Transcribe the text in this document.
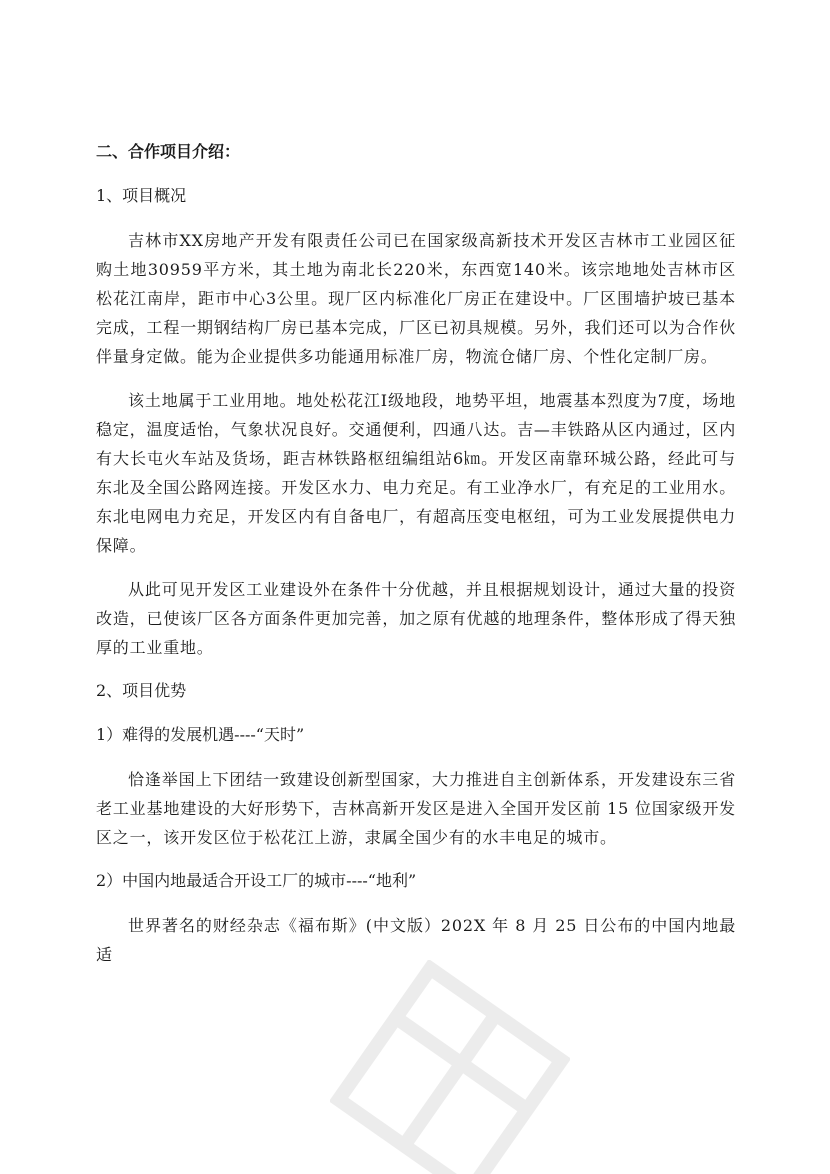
二、合作项目介绍：
1、项目概况

吉林市XX房地产开发有限责任公司已在国家级高新技术开发区吉林市工业园区征购土地30959平方米，其土地为南北长220米，东西宽140米。该宗地地处吉林市区松花江南岸，距市中心3公里。现厂区内标准化厂房正在建设中。厂区围墙护坡已基本完成，工程一期钢结构厂房已基本完成，厂区已初具规模。另外，我们还可以为合作伙伴量身定做。能为企业提供多功能通用标准厂房，物流仓储厂房、个性化定制厂房。

该土地属于工业用地。地处松花江Ⅰ级地段，地势平坦，地震基本烈度为7度，场地稳定，温度适怡，气象状况良好。交通便利，四通八达。吉—丰铁路从区内通过，区内有大长屯火车站及货场，距吉林铁路枢纽编组站6㎞。开发区南靠环城公路，经此可与东北及全国公路网连接。开发区水力、电力充足。有工业净水厂，有充足的工业用水。东北电网电力充足，开发区内有自备电厂，有超高压变电枢纽，可为工业发展提供电力保障。

从此可见开发区工业建设外在条件十分优越，并且根据规划设计，通过大量的投资改造，已使该厂区各方面条件更加完善，加之原有优越的地理条件，整体形成了得天独厚的工业重地。

2、项目优势
1）难得的发展机遇----“天时”

恰逢举国上下团结一致建设创新型国家，大力推进自主创新体系，开发建设东三省老工业基地建设的大好形势下，吉林高新开发区是进入全国开发区前 15 位国家级开发区之一，该开发区位于松花江上游，隶属全国少有的水丰电足的城市。

2）中国内地最适合开设工厂的城市----“地利”

世界著名的财经杂志《福布斯》(中文版）202X 年 8 月 25 日公布的中国内地最适
